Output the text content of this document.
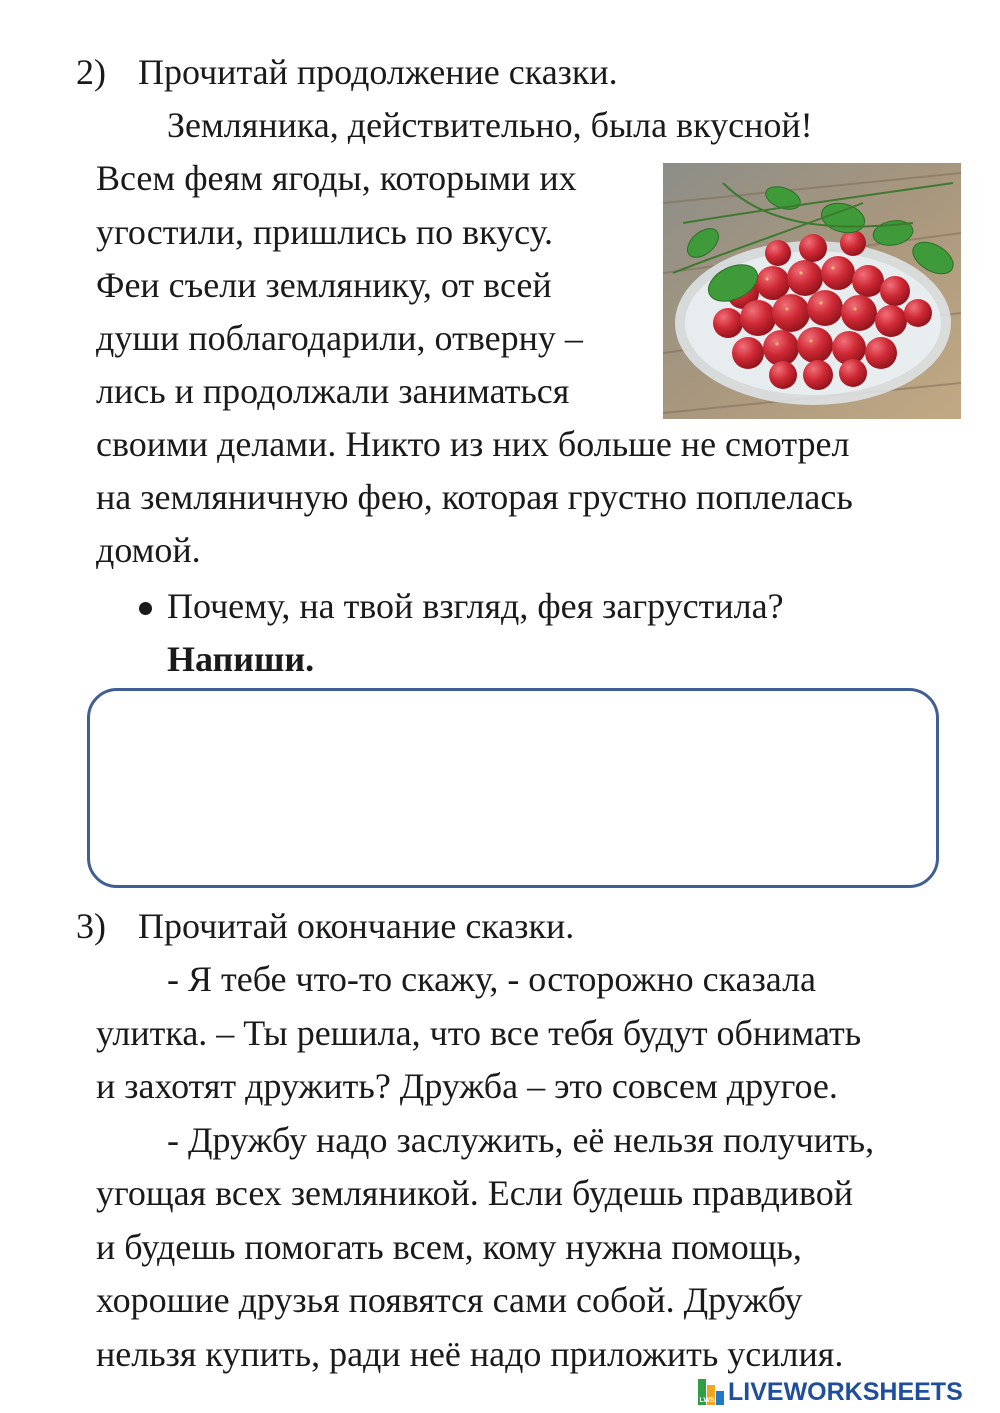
2) Прочитай продолжение сказки.
Земляника, действительно, была вкусной!
Всем феям ягоды, которыми их
угостили, пришлись по вкусу.
Феи съели землянику, от всей
души поблагодарили, отверну –
лись и продолжали заниматься
своими делами. Никто из них больше не смотрел
на земляничную фею, которая грустно поплелась
домой.
Почему, на твой взгляд, фея загрустила?
Напиши.
3) Прочитай окончание сказки.
- Я тебе что-то скажу, - осторожно сказала
улитка. – Ты решила, что все тебя будут обнимать
и захотят дружить? Дружба – это совсем другое.
- Дружбу надо заслужить, её нельзя получить,
угощая всех земляникой. Если будешь правдивой
и будешь помогать всем, кому нужна помощь,
хорошие друзья появятся сами собой. Дружбу
нельзя купить, ради неё надо приложить усилия.
LWS LIVEWORKSHEETS
